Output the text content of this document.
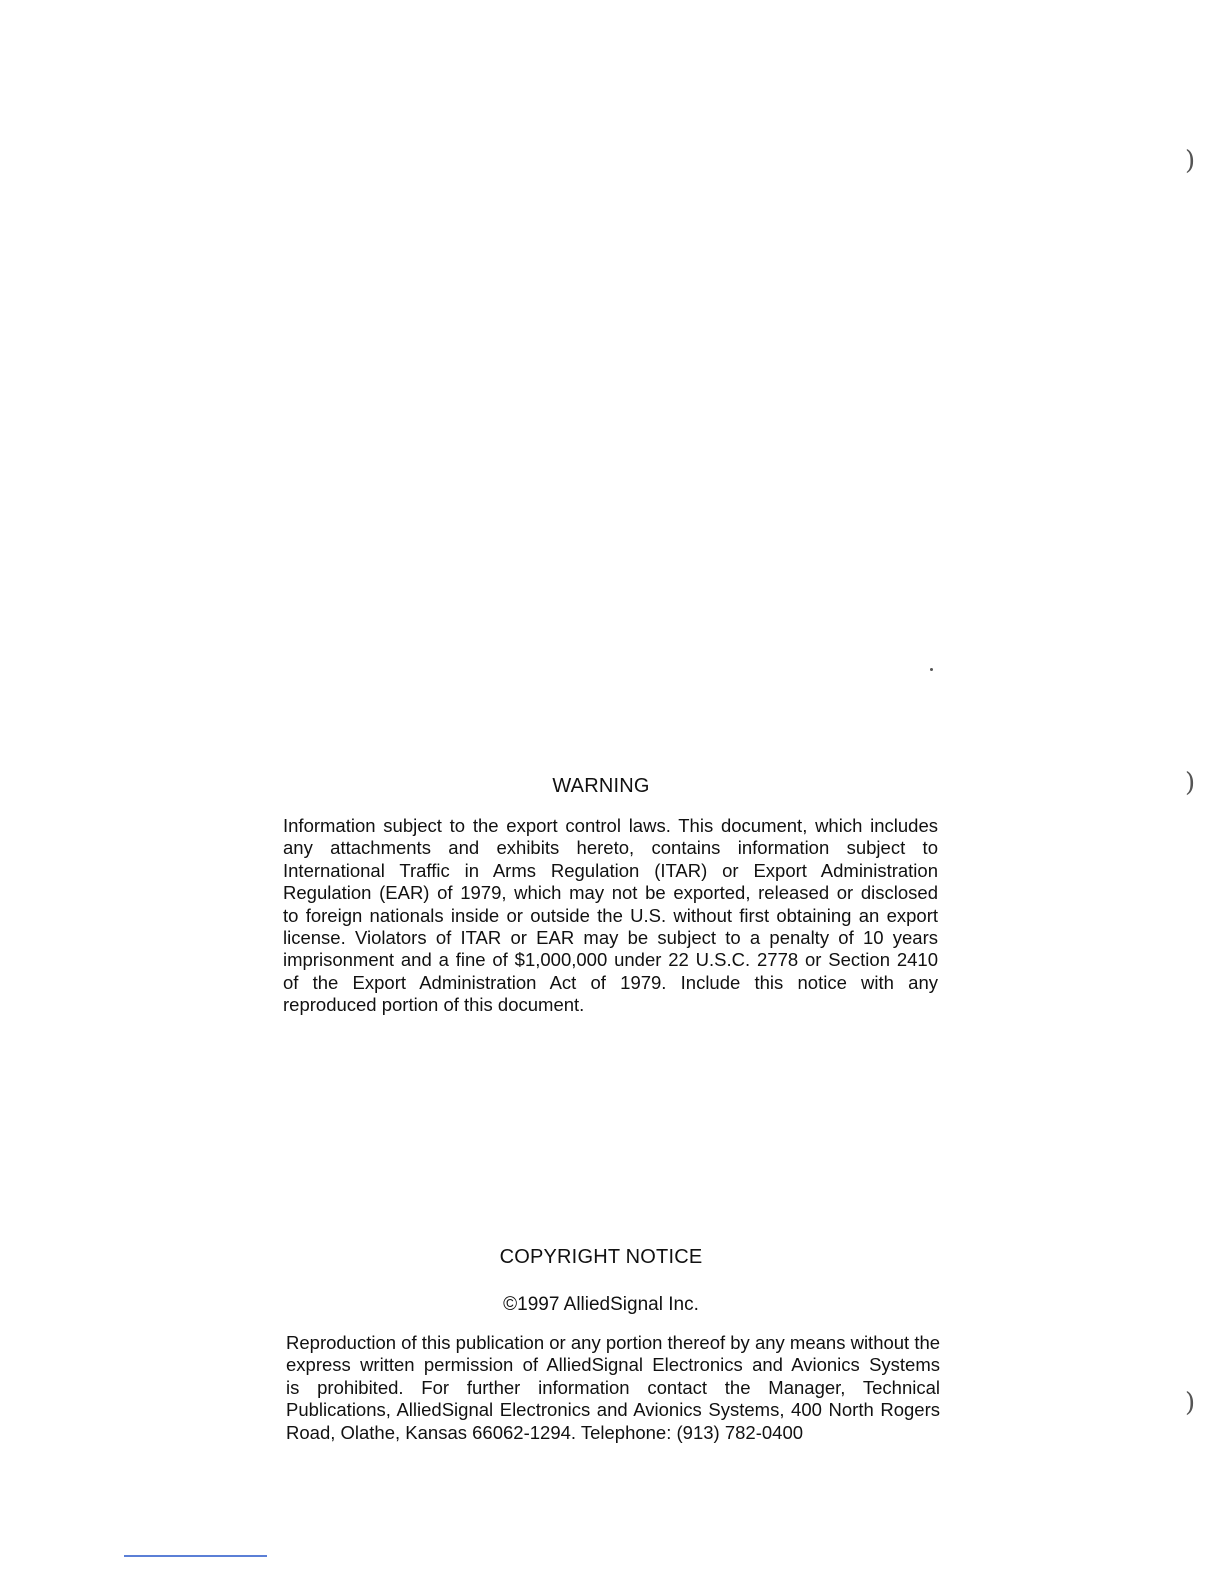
)
)
)
WARNING
Information subject to the export control laws. This document, which includes
any attachments and exhibits hereto, contains information subject to
International Traffic in Arms Regulation (ITAR) or Export Administration
Regulation (EAR) of 1979, which may not be exported, released or disclosed
to foreign nationals inside or outside the U.S. without first obtaining an export
license. Violators of ITAR or EAR may be subject to a penalty of 10 years
imprisonment and a fine of $1,000,000 under 22 U.S.C. 2778 or Section 2410
of the Export Administration Act of 1979. Include this notice with any
reproduced portion of this document.
COPYRIGHT NOTICE
©1997 AlliedSignal Inc.
Reproduction of this publication or any portion thereof by any means without the
express written permission of AlliedSignal Electronics and Avionics Systems
is prohibited. For further information contact the Manager, Technical
Publications, AlliedSignal Electronics and Avionics Systems, 400 North Rogers
Road, Olathe, Kansas 66062-1294. Telephone: (913) 782-0400
